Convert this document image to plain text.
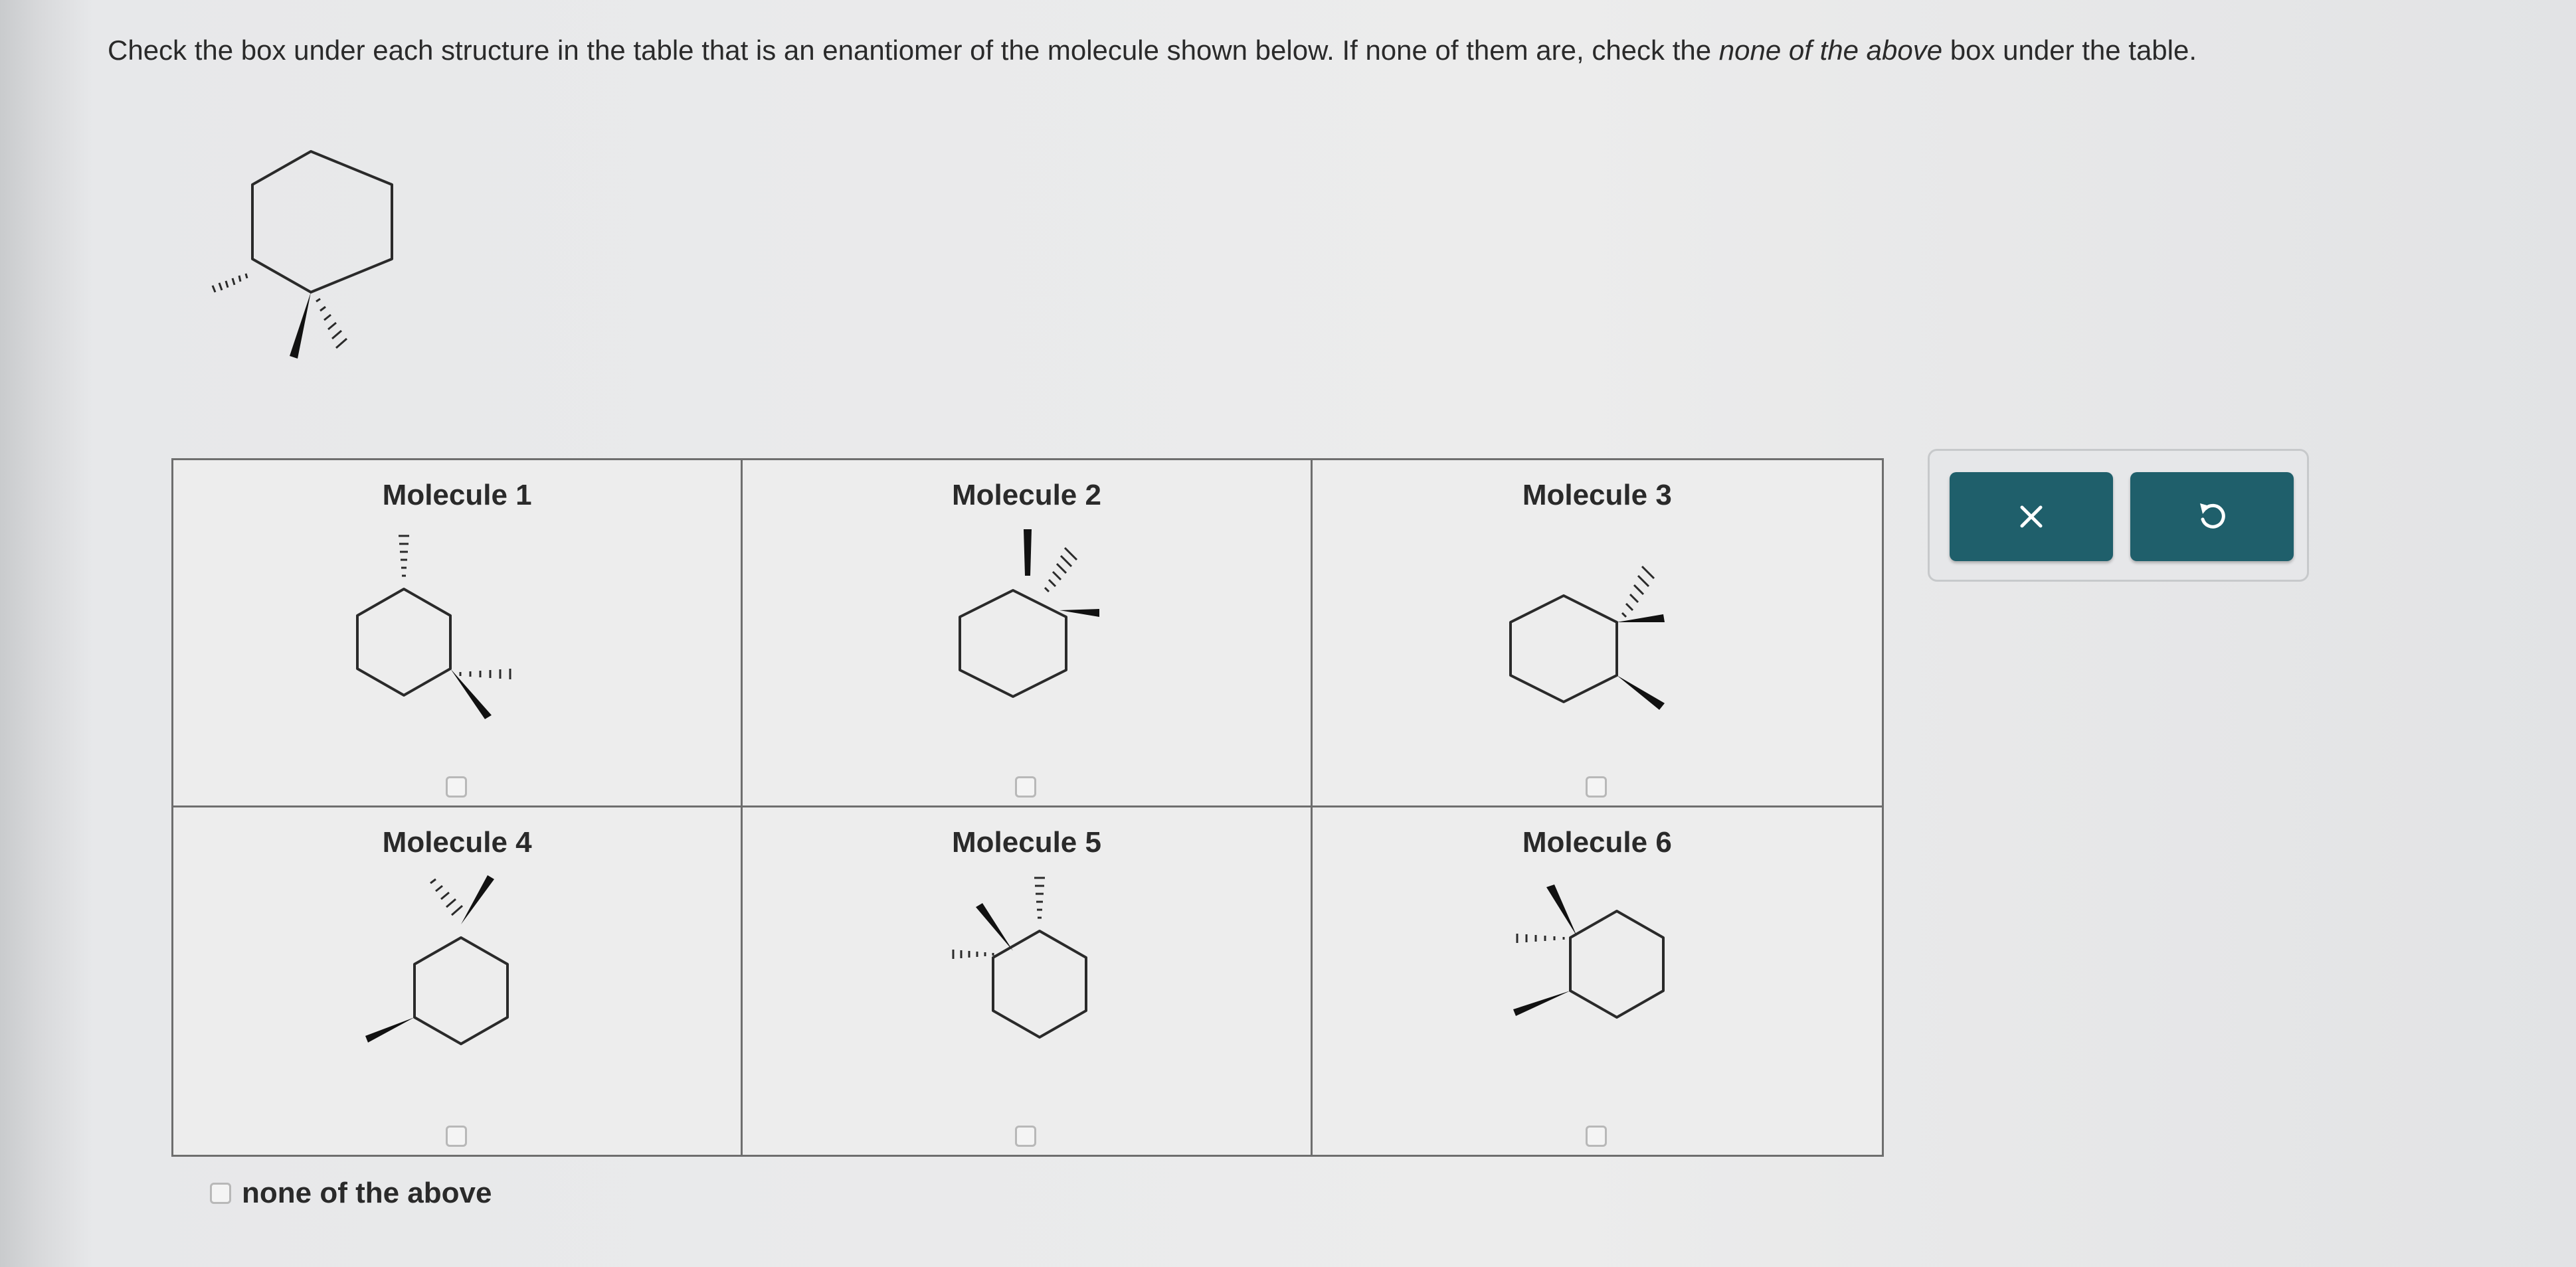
Check the box under each structure in the table that is an enantiomer of the molecule shown below. If none of them are, check the none of the above box under the table.
Molecule 1	Molecule 2	Molecule 3
Molecule 4	Molecule 5	Molecule 6
none of the above
